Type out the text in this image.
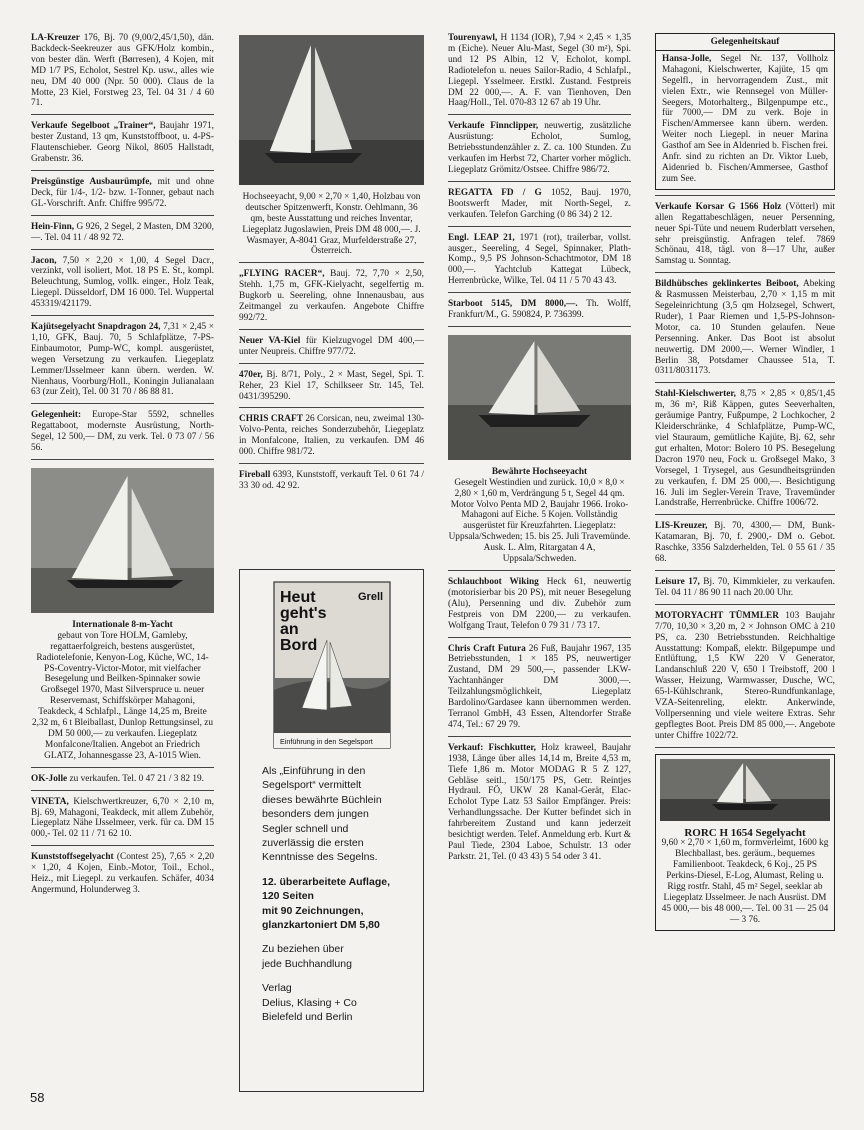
LA-Kreuzer 176, Bj. 70 (9,00/2,45/1,50), dän. Backdeck-Seekreuzer aus GFK/Holz kombin., von bester dän. Werft (Børresen), 4 Kojen, mit MD 1/7 PS, Echolot, Sestrel Kp. usw., alles wie neu, DM 40 000 (Npr. 50 000). Claus de la Motte, 23 Kiel, Forstweg 23, Tel. 04 31 / 4 60 71.

Verkaufe Segelboot „Trainer“, Baujahr 1971, bester Zustand, 13 qm, Kunststoffboot, u. 4-PS-Flautenschieber. Georg Nikol, 8605 Hallstadt, Grabenstr. 36.

Preisgünstige Ausbaurümpfe, mit und ohne Deck, für 1/4-, 1/2- bzw. 1-Tonner, gebaut nach GL-Vorschrift. Anfr. Chiffre 995/72.

Hein-Finn, G 926, 2 Segel, 2 Masten, DM 3200,—. Tel. 04 11 / 48 92 72.

Jacon, 7,50 × 2,20 × 1,00, 4 Segel Dacr., verzinkt, voll isoliert, Mot. 18 PS E. St., kompl. Beleuchtung, Sumlog, vollk. einger., Holz Teak, Liegepl. Düsseldorf, DM 16 000. Tel. Wuppertal 453319/421179.

Kajütsegelyacht Snapdragon 24, 7,31 × 2,45 × 1,10, GFK, Bauj. 70, 5 Schlafplätze, 7-PS-Einbaumotor, Pump-WC, kompl. ausgerüstet, wegen Versetzung zu verkaufen. Liegeplatz Lemmer/IJsselmeer kann übern. werden. W. Nienhaus, Voorburg/Holl., Koningin Julianalaan 63 (zur Zeit), Tel. 00 31 70 / 86 88 81.

Gelegenheit: Europe-Star 5592, schnelles Regattaboot, modernste Ausrüstung, North-Segel, 12 500,— DM, zu verk. Tel. 0 73 07 / 56 56.

Internationale 8-m-Yacht

gebaut von Tore HOLM, Gamleby, regattaerfolgreich, bestens ausgerüstet, Radiotelefonie, Kenyon-Log, Küche, WC, 14-PS-Coventry-Victor-Motor, mit vielfacher Besegelung und Beilken-Spinnaker sowie Großsegel 1970, Mast Silverspruce u. neuer Reservemast, Schiffskörper Mahagoni, Teakdeck, 4 Schlafpl., Länge 14,25 m, Breite 2,32 m, 6 t Bleiballast, Dunlop Rettungsinsel, zu DM 50 000,— zu verkaufen. Liegeplatz Monfalcone/Italien. Angebot an Friedrich GLATZ, Johannesgasse 23, A-1015 Wien.

OK-Jolle zu verkaufen. Tel. 0 47 21 / 3 82 19.

VINETA, Kielschwertkreuzer, 6,70 × 2,10 m, Bj. 69, Mahagoni, Teakdeck, mit allem Zubehör, Liegeplatz Nähe IJsselmeer, verk. für ca. DM 15 000,- Tel. 02 11 / 71 62 10.

Kunststoffsegelyacht (Contest 25), 7,65 × 2,20 × 1,20, 4 Kojen, Einb.-Motor, Toil., Echol., Heiz., mit Liegepl. zu verkaufen. Schäfer, 4034 Angermund, Holunderweg 3.

Hochseeyacht, 9,00 × 2,70 × 1,40, Holzbau von deutscher Spitzenwerft, Konstr. Oehlmann, 36 qm, beste Ausstattung und reiches Inventar, Liegeplatz Jugoslawien, Preis DM 48 000,—. J. Wasmayer, A-8041 Graz, Murfelderstraße 27, Österreich.

„FLYING RACER“, Bauj. 72, 7,70 × 2,50, Stehh. 1,75 m, GFK-Kielyacht, segelfertig m. Bugkorb u. Seereling, ohne Innenausbau, aus Zeitmangel zu verkaufen. Angebote Chiffre 992/72.

Neuer VA-Kiel für Kielzugvogel DM 400,— unter Neupreis. Chiffre 977/72.

470er, Bj. 8/71, Poly., 2 × Mast, Segel, Spi. T. Reher, 23 Kiel 17, Schilkseer Str. 145, Tel. 0431/395290.

CHRIS CRAFT 26 Corsican, neu, zweimal 130-Volvo-Penta, reiches Sonderzubehör, Liegeplatz in Monfalcone, Italien, zu verkaufen. DM 46 000. Chiffre 981/72.

Fireball 6393, Kunststoff, verkauft Tel. 0 61 74 / 33 30 od. 42 92.

Tourenyawl, H 1134 (IOR), 7,94 × 2,45 × 1,35 m (Eiche). Neuer Alu-Mast, Segel (30 m²), Spi. und 12 PS Albin, 12 V, Echolot, kompl. Radiotelefon u. neues Sailor-Radio, 4 Schlafpl., Liegepl. Ysselmeer. Erstkl. Zustand. Festpreis DM 22 000,—. A. F. van Tienhoven, Den Haag/Holl., Tel. 070-83 12 67 ab 19 Uhr.

Verkaufe Finnclipper, neuwertig, zusätzliche Ausrüstung: Echolot, Sumlog, Betriebsstundenzähler z. Z. ca. 100 Stunden. Zu verkaufen im Herbst 72, Charter vorher möglich. Liegeplatz Grömitz/Ostsee. Chiffre 986/72.

REGATTA FD / G 1052, Bauj. 1970, Bootswerft Mader, mit North-Segel, z. verkaufen. Telefon Garching (0 86 34) 2 12.

Engl. LEAP 21, 1971 (rot), trailerbar, vollst. ausger., Seereling, 4 Segel, Spinnaker, Plath-Komp., 9,5 PS Johnson-Schachtmotor, DM 18 000,—. Yachtclub Kattegat Lübeck, Herrenbrücke, Wilke, Tel. 04 11 / 5 70 43 43.

Starboot 5145, DM 8000,—. Th. Wolff, Frankfurt/M., G. 590824, P. 736399.

Bewährte Hochseeyacht

Gesegelt Westindien und zurück. 10,0 × 8,0 × 2,80 × 1,60 m, Verdrängung 5 t, Segel 44 qm. Motor Volvo Penta MD 2, Baujahr 1966. Iroko-Mahagoni auf Eiche. 5 Kojen. Vollständig ausgerüstet für Kreuzfahrten. Liegeplatz: Uppsala/Schweden; 15. bis 25. Juli Travemünde. Ausk. L. Alm, Ritargatan 4 A, Uppsala/Schweden.

Schlauchboot Wiking Heck 61, neuwertig (motorisierbar bis 20 PS), mit neuer Besegelung (Alu), Persenning und div. Zubehör zum Festpreis von DM 2200,— zu verkaufen. Wolfgang Traut, Telefon 0 79 31 / 73 17.

Chris Craft Futura 26 Fuß, Baujahr 1967, 135 Betriebsstunden, 1 × 185 PS, neuwertiger Zustand, DM 29 500,—, passender LKW-Yachtanhänger DM 3000,—. Teilzahlungsmöglichkeit, Liegeplatz Bardolino/Gardasee kann übernommen werden. Terranol GmbH, 43 Essen, Altendorfer Straße 474, Tel.: 67 29 79.

Verkauf: Fischkutter, Holz kraweel, Baujahr 1938, Länge über alles 14,14 m, Breite 4,53 m, Tiefe 1,86 m. Motor MODAG R 5 Z 127, Gebläse seitl., 150/175 PS, Getr. Reintjes Hydraul. FÖ, UKW 28 Kanal-Gerät, Elac-Echolot Type Latz 53 Sailor Empfänger. Preis: Verhandlungssache. Der Kutter befindet sich in fahrbereitem Zustand und kann jederzeit besichtigt werden. Telef. Anmeldung erb. Kurt & Paul Tiede, 2304 Laboe, Schulstr. 13 oder Parkstr. 21, Tel. (0 43 43) 5 54 oder 3 41.

Gelegenheitskauf

Hansa-Jolle, Segel Nr. 137, Vollholz Mahagoni, Kielschwerter, Kajüte, 15 qm Segelfl., in hervorragendem Zust., mit vielen Extr., wie Rennsegel von Müller-Seegers, Motorhalterg., Bilgenpumpe etc., für 7000,— DM zu verk. Boje in Fischen/Ammersee kann übern. werden. Weiter noch Liegepl. in neuer Marina Gasthof am See in Aldenried b. Fischen frei. Anfr. sind zu richten an Dr. Viktor Lueb, Aidenried b. Fischen/Ammersee, Gasthof zum See.

Verkaufe Korsar G 1566 Holz (Vötterl) mit allen Regattabeschlägen, neuer Persenning, neuer Spi-Tüte und neuem Ruderblatt versehen, sehr preisgünstig. Anfragen telef. 7869 Schönau, 418, tägl. von 8—17 Uhr, außer Samstag u. Sonntag.

Bildhübsches geklinkertes Beiboot, Abeking & Rasmussen Meisterbau, 2,70 × 1,15 m mit Segeleinrichtung (3,5 qm Holzsegel, Schwert, Ruder), 1 Paar Riemen und 1,5-PS-Johnson-Motor, ca. 10 Stunden gelaufen. Neue Persenning. Anker. Das Boot ist absolut neuwertig. DM 2000,—. Werner Windler, 1 Berlin 38, Potsdamer Chaussee 51a, T. 0311/8031173.

Stahl-Kielschwerter, 8,75 × 2,85 × 0,85/1,45 m, 36 m², Riß Käppen, gutes Seeverhalten, geräumige Pantry, Fußpumpe, 2 Lochkocher, 2 Kleiderschränke, 4 Schlafplätze, Pump-WC, viel Stauraum, gemütliche Kajüte, Bj. 62, sehr gut erhalten, Motor: Bolero 10 PS. Besegelung Dacron 1970 neu, Fock u. Großsegel Mako, 3 Vorsegel, 1 Trysegel, aus Gesundheitsgründen zu verkaufen, f. DM 25 000,—. Besichtigung 16. Juli im Segler-Verein Trave, Travemünder Landstraße, Herrenbrücke. Chiffre 1006/72.

LIS-Kreuzer, Bj. 70, 4300,— DM, Bunk-Katamaran, Bj. 70, f. 2900,- DM o. Gebot. Raschke, 3356 Salzderhelden, Tel. 0 55 61 / 35 68.

Leisure 17, Bj. 70, Kimmkieler, zu verkaufen. Tel. 04 11 / 86 90 11 nach 20.00 Uhr.

MOTORYACHT TÜMMLER 103 Baujahr 7/70, 10,30 × 3,20 m, 2 × Johnson OMC à 210 PS, ca. 230 Betriebsstunden. Reichhaltige Ausstattung: Kompaß, elektr. Bilgepumpe und Entlüftung, 1,5 KW 220 V Generator, Landanschluß 220 V, 650 l Treibstoff, 200 l Wasser, Heizung, Warmwasser, Dusche, WC, 65-l-Kühlschrank, Stereo-Rundfunkanlage, VZA-Seitenreling, elektr. Ankerwinde, Vollpersenning und viele weitere Extras. Sehr gepflegtes Boot. Preis DM 85 000,—. Angebote unter Chiffre 1022/72.

RORC H 1654 Segelyacht

9,60 × 2,70 × 1,60 m, formverleimt, 1600 kg Blechballast, bes. geräum., bequemes Familienboot. Teakdeck, 6 Koj., 25 PS Perkins-Diesel, E-Log, Alumast, Reling u. Rigg rostfr. Stahl, 45 m² Segel, seeklar ab Liegeplatz IJsselmeer. Je nach Ausrüst. DM 45 000,— bis 48 000,—. Tel. 00 31 — 25 04 — 3 76.

Heut
geht's
an
Bord
Grell
Einführung in den Segelsport

Als „Einführung in den
Segelsport“ vermittelt
dieses bewährte Büchlein
besonders dem jungen
Segler schnell und
zuverlässig die ersten
Kenntnisse des Segelns.

12. überarbeitete Auflage,
120 Seiten
mit 90 Zeichnungen,
glanzkartoniert DM 5,80

Zu beziehen über
jede Buchhandlung

Verlag
Delius, Klasing + Co
Bielefeld und Berlin

58
